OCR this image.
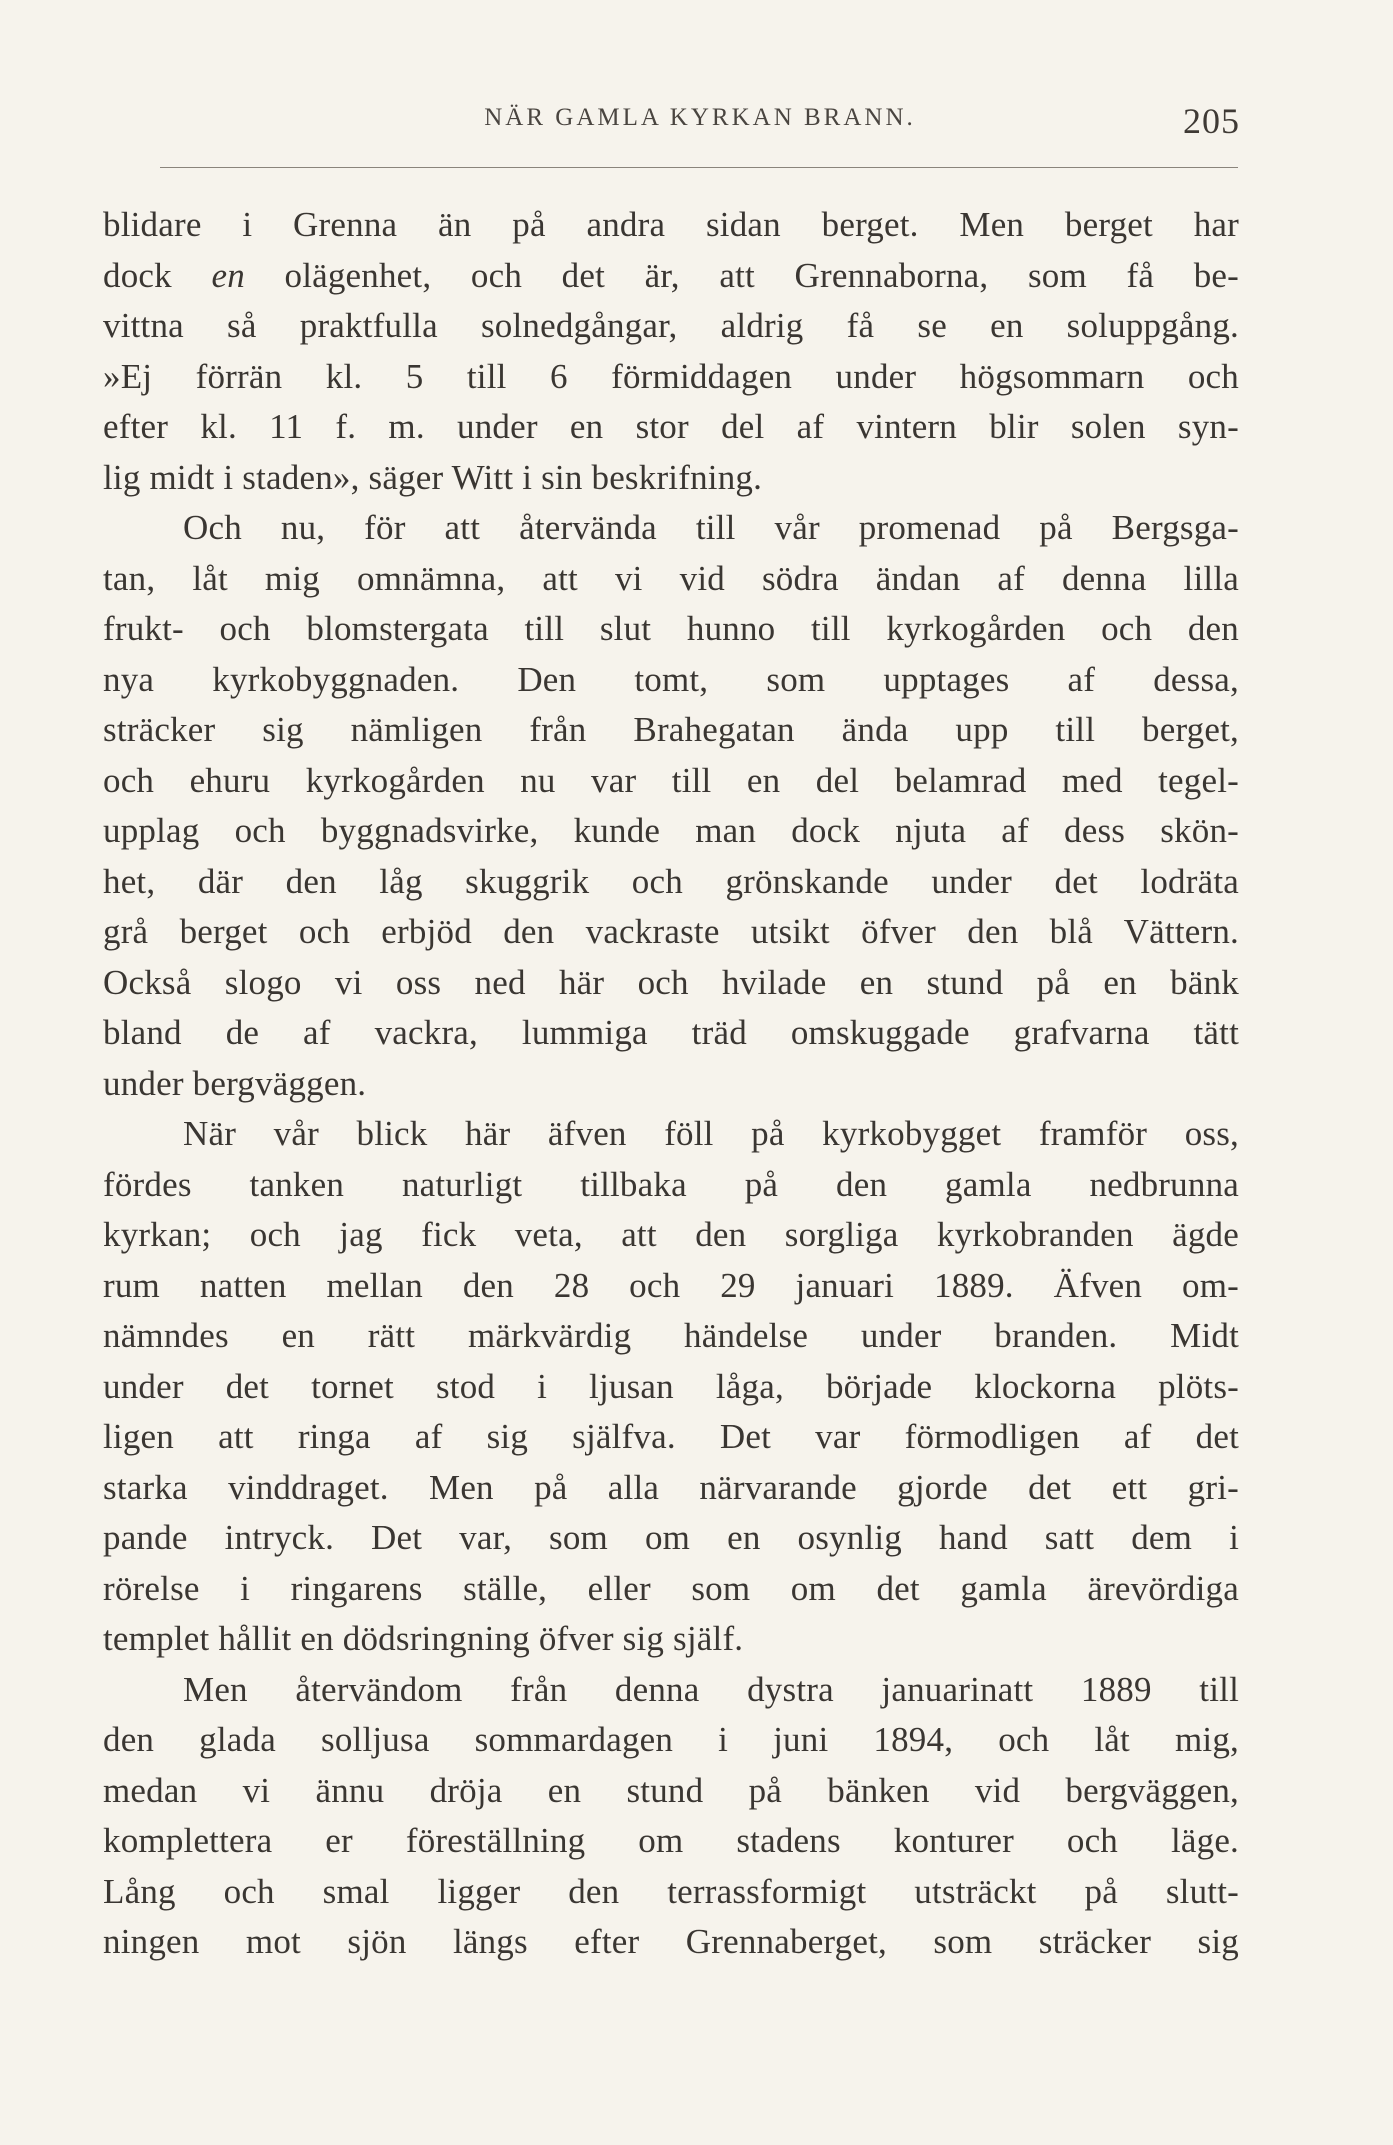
NÄR GAMLA KYRKAN BRANN.	205
blidare i Grenna än på andra sidan berget. Men berget har
dock en olägenhet, och det är, att Grennaborna, som få be-
vittna så praktfulla solnedgångar, aldrig få se en soluppgång.
»Ej förrän kl. 5 till 6 förmiddagen under högsommarn och
efter kl. 11 f. m. under en stor del af vintern blir solen syn-
lig midt i staden», säger Witt i sin beskrifning.
Och nu, för att återvända till vår promenad på Bergsga-
tan, låt mig omnämna, att vi vid södra ändan af denna lilla
frukt- och blomstergata till slut hunno till kyrkogården och den
nya kyrkobyggnaden. Den tomt, som upptages af dessa,
sträcker sig nämligen från Brahegatan ända upp till berget,
och ehuru kyrkogården nu var till en del belamrad med tegel-
upplag och byggnadsvirke, kunde man dock njuta af dess skön-
het, där den låg skuggrik och grönskande under det lodräta
grå berget och erbjöd den vackraste utsikt öfver den blå Vättern.
Också slogo vi oss ned här och hvilade en stund på en bänk
bland de af vackra, lummiga träd omskuggade grafvarna tätt
under bergväggen.
När vår blick här äfven föll på kyrkobygget framför oss,
fördes tanken naturligt tillbaka på den gamla nedbrunna
kyrkan; och jag fick veta, att den sorgliga kyrkobranden ägde
rum natten mellan den 28 och 29 januari 1889. Äfven om-
nämndes en rätt märkvärdig händelse under branden. Midt
under det tornet stod i ljusan låga, började klockorna plöts-
ligen att ringa af sig själfva. Det var förmodligen af det
starka vinddraget. Men på alla närvarande gjorde det ett gri-
pande intryck. Det var, som om en osynlig hand satt dem i
rörelse i ringarens ställe, eller som om det gamla ärevördiga
templet hållit en dödsringning öfver sig själf.
Men återvändom från denna dystra januarinatt 1889 till
den glada solljusa sommardagen i juni 1894, och låt mig,
medan vi ännu dröja en stund på bänken vid bergväggen,
komplettera er föreställning om stadens konturer och läge.
Lång och smal ligger den terrassformigt utsträckt på slutt-
ningen mot sjön längs efter Grennaberget, som sträcker sig
